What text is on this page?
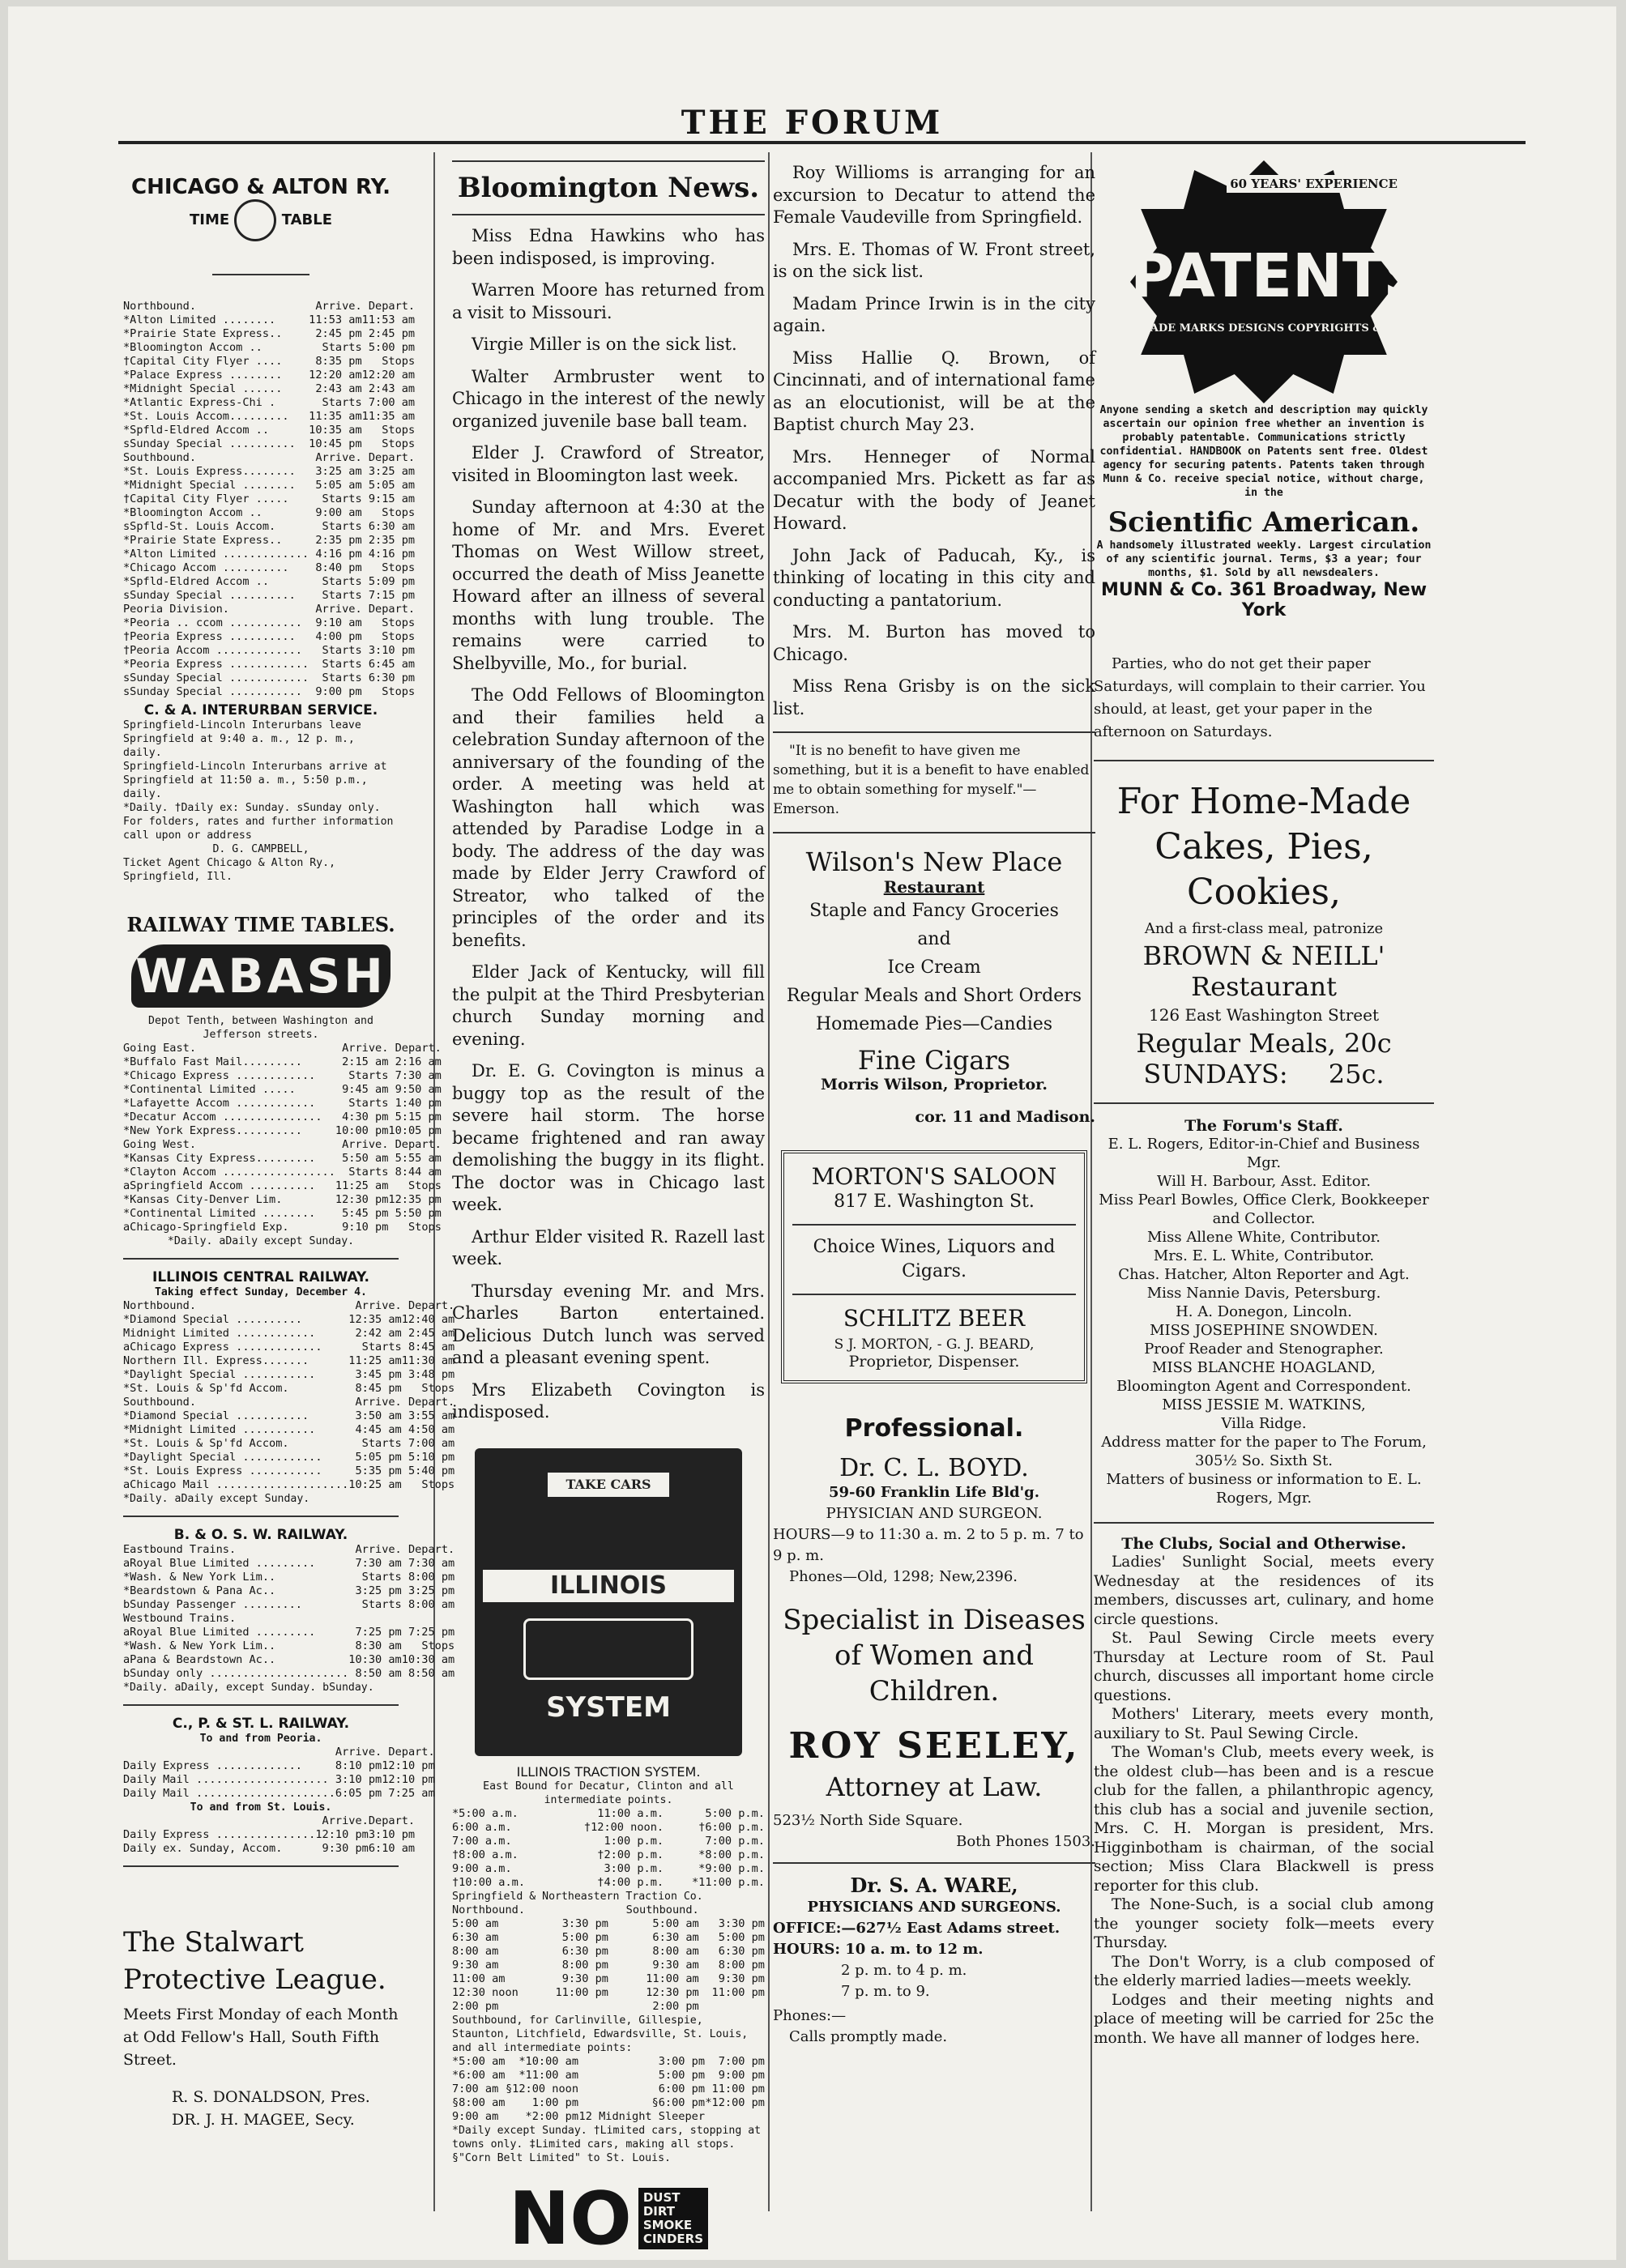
THE FORUM
CHICAGO & ALTON RY.
TIME	TABLE
Northbound.	Arrive.	Depart.
*Alton Limited ........	11:53 am	11:53 am
*Prairie State Express..	2:45 pm	2:45 pm
*Bloomington Accom ..	Starts	5:00 pm
†Capital City Flyer ....	8:35 pm	Stops
*Palace Express ........	12:20 am	12:20 am
*Midnight Special ......	2:43 am	2:43 am
*Atlantic Express-Chi .	Starts	7:00 am
*St. Louis Accom.........	11:35 am	11:35 am
*Spfld-Eldred Accom ..	10:35 am	Stops
sSunday Special ..........	10:45 pm	Stops
Southbound.	Arrive.	Depart.
*St. Louis Express........	3:25 am	3:25 am
*Midnight Special ........	5:05 am	5:05 am
†Capital City Flyer .....	Starts	9:15 am
*Bloomington Accom ..	9:00 am	Stops
sSpfld-St. Louis Accom.	Starts	6:30 am
*Prairie State Express..	2:35 pm	2:35 pm
*Alton Limited .............	4:16 pm	4:16 pm
*Chicago Accom ..........	8:40 pm	Stops
*Spfld-Eldred Accom ..	Starts	5:09 pm
sSunday Special ..........	Starts	7:15 pm
Peoria Division.	Arrive.	Depart.
*Peoria .. ccom ...........	9:10 am	Stops
†Peoria Express ..........	4:00 pm	Stops
†Peoria Accom .............	Starts	3:10 pm
*Peoria Express ............	Starts	6:45 am
sSunday Special ............	Starts	6:30 pm
sSunday Special ...........	9:00 pm	Stops
C. & A. INTERURBAN SERVICE.

Springfield-Lincoln Interurbans leave Springfield at 9:40 a. m., 12 p. m., daily.

Springfield-Lincoln Interurbans arrive at Springfield at 11:50 a. m., 5:50 p.m., daily.

*Daily. †Daily ex: Sunday. sSunday only.

For folders, rates and further information call upon or address

D. G. CAMPBELL,

Ticket Agent Chicago & Alton Ry., Springfield, Ill.

RAILWAY TIME TABLES.
WABASH

Depot Tenth, between Washington and Jefferson streets.

Going East.	Arrive.	Depart.
*Buffalo Fast Mail.........	2:15 am	2:16 am
*Chicago Express ............	Starts	7:30 am
*Continental Limited .....	9:45 am	9:50 am
*Lafayette Accom ............	Starts	1:40 pm
*Decatur Accom ...............	4:30 pm	5:15 pm
*New York Express..........	10:00 pm	10:05 pm
Going West.	Arrive.	Depart.
*Kansas City Express.........	5:50 am	5:55 am
*Clayton Accom .................	Starts	8:44 am
aSpringfield Accom ..........	11:25 am	Stops
*Kansas City-Denver Lim.	12:30 pm	12:35 pm
*Continental Limited ........	5:45 pm	5:50 pm
aChicago-Springfield Exp.	9:10 pm	Stops

*Daily. aDaily except Sunday.

ILLINOIS CENTRAL RAILWAY.
Taking effect Sunday, December 4.
Northbound.	Arrive.	Depart.
*Diamond Special ..........	12:35 am	12:40 am
Midnight Limited ............	2:42 am	2:45 am
aChicago Express .............	Starts	8:45 am
Northern Ill. Express.......	11:25 am	11:30 am
*Daylight Special ...........	3:45 pm	3:48 pm
*St. Louis & Sp'fd Accom.	8:45 pm	Stops
Southbound.	Arrive.	Depart.
*Diamond Special ...........	3:50 am	3:55 am
*Midnight Limited ...........	4:45 am	4:50 am
*St. Louis & Sp'fd Accom.	Starts	7:00 am
*Daylight Special ............	5:05 pm	5:10 pm
*St. Louis Express ...........	5:35 pm	5:40 pm
aChicago Mail ....................	10:25 am	Stops

*Daily. aDaily except Sunday.

B. & O. S. W. RAILWAY.
Eastbound Trains.	Arrive.	Depart.
aRoyal Blue Limited .........	7:30 am	7:30 am
*Wash. & New York Lim..	Starts	8:00 pm
*Beardstown & Pana Ac..	3:25 pm	3:25 pm
bSunday Passenger .........	Starts	8:00 am
Westbound Trains.		
aRoyal Blue Limited .........	7:25 pm	7:25 pm
*Wash. & New York Lim..	8:30 am	Stops
aPana & Beardstown Ac..	10:30 am	10:30 am
bSunday only .....................	8:50 am	8:50 am

*Daily. aDaily, except Sunday. bSunday.

C., P. & ST. L. RAILWAY.
To and from Peoria.
	Arrive.	Depart.
Daily Express .............	8:10 pm	12:10 pm
Daily Mail ....................	3:10 pm	12:10 pm
Daily Mail .....................	6:05 pm	7:25 am
To and from St. Louis.
	Arrive.	Depart.
Daily Express ...............	12:10 pm	3:10 pm
Daily ex. Sunday, Accom.	9:30 pm	6:10 am
The Stalwart Protective League.

Meets First Monday of each Month at Odd Fellow's Hall, South Fifth Street.

R. S. DONALDSON, Pres.

DR. J. H. MAGEE, Secy.

Bloomington News.

Miss Edna Hawkins who has been indisposed, is improving.

Warren Moore has returned from a visit to Missouri.

Virgie Miller is on the sick list.

Walter Armbruster went to Chicago in the interest of the newly organized juvenile base ball team.

Elder J. Crawford of Streator, visited in Bloomington last week.

Sunday afternoon at 4:30 at the home of Mr. and Mrs. Everet Thomas on West Willow street, occurred the death of Miss Jeanette Howard after an illness of several months with lung trouble. The remains were carried to Shelbyville, Mo., for burial.

The Odd Fellows of Bloomington and their families held a celebration Sunday afternoon of the anniversary of the founding of the order. A meeting was held at Washington hall which was attended by Paradise Lodge in a body. The address of the day was made by Elder Jerry Crawford of Streator, who talked of the principles of the order and its benefits.

Elder Jack of Kentucky, will fill the pulpit at the Third Presbyterian church Sunday morning and evening.

Dr. E. G. Covington is minus a buggy top as the result of the severe hail storm. The horse became frightened and ran away demolishing the buggy in its flight. The doctor was in Chicago last week.

Arthur Elder visited R. Razell last week.

Thursday evening Mr. and Mrs. Charles Barton entertained. Delicious Dutch lunch was served and a pleasant evening spent.

Mrs Elizabeth Covington is indisposed.

TAKE CARS
ILLINOIS TRACTION
SYSTEM
ILLINOIS TRACTION SYSTEM.

East Bound for Decatur, Clinton and all intermediate points.

*5:00 a.m.	11:00 a.m.	5:00 p.m.
6:00 a.m.	†12:00 noon.	†6:00 p.m.
7:00 a.m.	1:00 p.m.	7:00 p.m.
†8:00 a.m.	†2:00 p.m.	*8:00 p.m.
9:00 a.m.	3:00 p.m.	*9:00 p.m.
†10:00 a.m.	†4:00 p.m.	*11:00 p.m.

Springfield & Northeastern Traction Co.

Northbound.		Southbound.	
5:00 am	3:30 pm	5:00 am	3:30 pm
6:30 am	5:00 pm	6:30 am	5:00 pm
8:00 am	6:30 pm	8:00 am	6:30 pm
9:30 am	8:00 pm	9:30 am	8:00 pm
11:00 am	9:30 pm	11:00 am	9:30 pm
12:30 noon	11:00 pm	12:30 pm	11:00 pm
2:00 pm		2:00 pm	

Southbound, for Carlinville, Gillespie, Staunton, Litchfield, Edwardsville, St. Louis, and all intermediate points:

*5:00 am	*10:00 am	3:00 pm	7:00 pm
*6:00 am	*11:00 am	5:00 pm	9:00 pm
7:00 am	§12:00 noon	6:00 pm	11:00 pm
§8:00 am	1:00 pm	§6:00 pm	*12:00 pm
9:00 am	*2:00 pm	12 Midnight Sleeper	

*Daily except Sunday. †Limited cars, stopping at towns only. ‡Limited cars, making all stops. §"Corn Belt Limited" to St. Louis.

NO DUST
DIRT
SMOKE
CINDERS

Roy Willioms is arranging for an excursion to Decatur to attend the Female Vaudeville from Springfield.

Mrs. E. Thomas of W. Front street, is on the sick list.

Madam Prince Irwin is in the city again.

Miss Hallie Q. Brown, of Cincinnati, and of international fame as an elocutionist, will be at the Baptist church May 23.

Mrs. Henneger of Normal accompanied Mrs. Pickett as far as Decatur with the body of Jeanet Howard.

John Jack of Paducah, Ky., is thinking of locating in this city and conducting a pantatorium.

Mrs. M. Burton has moved to Chicago.

Miss Rena Grisby is on the sick list.

"It is no benefit to have given me something, but it is a benefit to have enabled me to obtain something for myself."—Emerson.

Wilson's New Place
Restaurant
Staple and Fancy Groceries
and
Ice Cream
Regular Meals and Short Orders
Homemade Pies—Candies
Fine Cigars
Morris Wilson, Proprietor.
cor. 11 and Madison.
MORTON'S SALOON
817 E. Washington St.
Choice Wines, Liquors and Cigars.
SCHLITZ BEER
S J. MORTON, - G. J. BEARD,
Proprietor, Dispenser.
Professional.
Dr. C. L. BOYD.
59-60 Franklin Life Bld'g.
PHYSICIAN AND SURGEON.
HOURS—9 to 11:30 a. m. 2 to 5 p. m. 7 to 9 p. m.
Phones—Old, 1298; New,2396.
Specialist in Diseases of Women and Children.
ROY SEELEY,
Attorney at Law.
523½ North Side Square.
Both Phones 1503.
Dr. S. A. WARE,
PHYSICIANS AND SURGEONS.
OFFICE:—627½ East Adams street.
HOURS: 10 a. m. to 12 m.
2 p. m. to 4 p. m.
7 p. m. to 9.
Phones:—
Calls promptly made.
60 YEARS' EXPERIENCE
PATENTS
TRADE MARKS DESIGNS COPYRIGHTS &C.

Anyone sending a sketch and description may quickly ascertain our opinion free whether an invention is probably patentable. Communications strictly confidential. HANDBOOK on Patents sent free. Oldest agency for securing patents. Patents taken through Munn & Co. receive special notice, without charge, in the

Scientific American.

A handsomely illustrated weekly. Largest circulation of any scientific journal. Terms, $3 a year; four months, $1. Sold by all newsdealers.

MUNN & Co. 361 Broadway, New York

Parties, who do not get their paper Saturdays, will complain to their carrier. You should, at least, get your paper in the afternoon on Saturdays.

For Home-Made Cakes, Pies, Cookies,
And a first-class meal, patronize
BROWN & NEILL'
Restaurant
126 East Washington Street
Regular Meals, 20c
SUNDAYS: 25c.
The Forum's Staff.

E. L. Rogers, Editor-in-Chief and Business Mgr.

Will H. Barbour, Asst. Editor.

Miss Pearl Bowles, Office Clerk, Bookkeeper and Collector.

Miss Allene White, Contributor.

Mrs. E. L. White, Contributor.

Chas. Hatcher, Alton Reporter and Agt.

Miss Nannie Davis, Petersburg.

H. A. Donegon, Lincoln.

MISS JOSEPHINE SNOWDEN.

Proof Reader and Stenographer.

MISS BLANCHE HOAGLAND,

Bloomington Agent and Correspondent.

MISS JESSIE M. WATKINS,

Villa Ridge.

Address matter for the paper to The Forum, 305½ So. Sixth St.

Matters of business or information to E. L. Rogers, Mgr.

The Clubs, Social and Otherwise.

Ladies' Sunlight Social, meets every Wednesday at the residences of its members, discusses art, culinary, and home circle questions.

St. Paul Sewing Circle meets every Thursday at Lecture room of St. Paul church, discusses all important home circle questions.

Mothers' Literary, meets every month, auxiliary to St. Paul Sewing Circle.

The Woman's Club, meets every week, is the oldest club—has been and is a rescue club for the fallen, a philanthropic agency, this club has a social and juvenile section, Mrs. C. H. Morgan is president, Mrs. Higginbotham is chairman, of the social section; Miss Clara Blackwell is press reporter for this club.

The None-Such, is a social club among the younger society folk—meets every Thursday.

The Don't Worry, is a club composed of the elderly married ladies—meets weekly.

Lodges and their meeting nights and place of meeting will be carried for 25c the month. We have all manner of lodges here.
